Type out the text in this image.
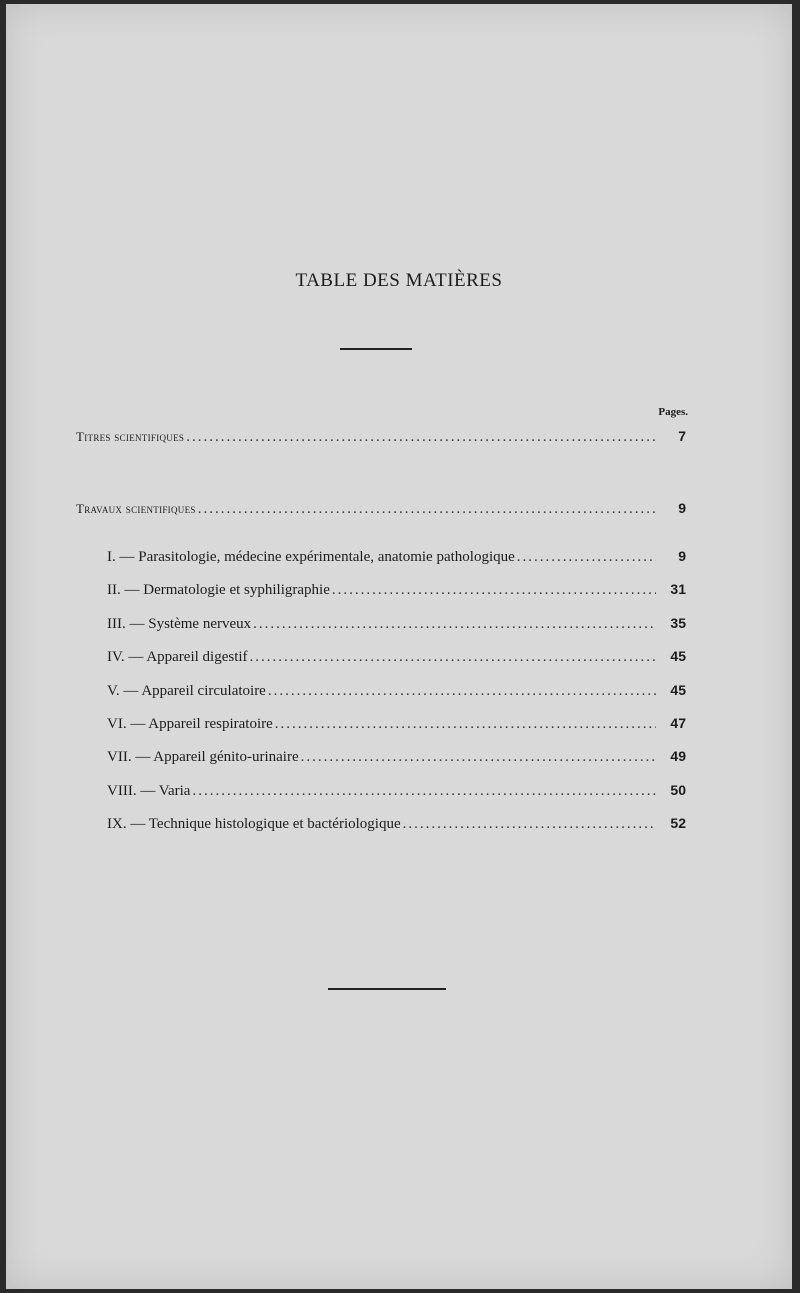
TABLE DES MATIÈRES
Pages.
Titres scientifiques .....	7
Travaux scientifiques .....	9
I. — Parasitologie, médecine expérimentale, anatomie pathologique .....	9
II. — Dermatologie et syphiligraphie .....	31
III. — Système nerveux .....	35
IV. — Appareil digestif .....	45
V. — Appareil circulatoire .....	45
VI. — Appareil respiratoire .....	47
VII. — Appareil génito-urinaire .....	49
VIII. — Varia .....	50
IX. — Technique histologique et bactériologique .....	52
